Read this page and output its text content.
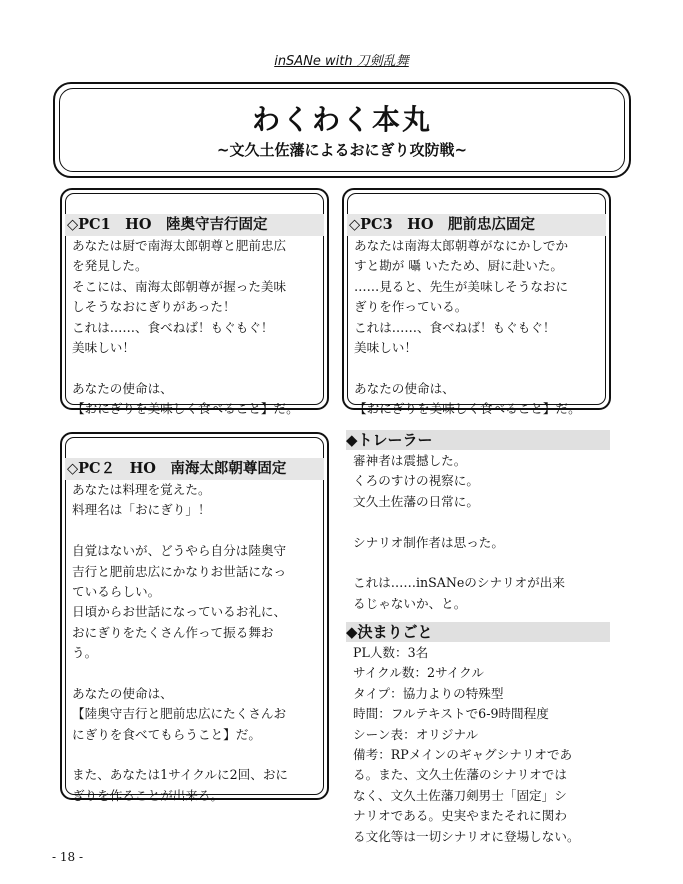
inSANe with 刀剣乱舞
わくわく本丸
~文久土佐藩によるおにぎり攻防戦~
◇PC1　HO　陸奥守吉行固定
あなたは厨で南海太郎朝尊と肥前忠広
を発見した。
そこには、南海太郎朝尊が握った美味
しそうなおにぎりがあった！
これは……、食べねば！もぐもぐ！
美味しい！
あなたの使命は、
【おにぎりを美味しく食べること】だ。
◇PC3　HO　肥前忠広固定
あなたは南海太郎朝尊がなにかしでか
すと勘が 囁 いたため、厨に赴いた。
……見ると、先生が美味しそうなおに
ぎりを作っている。
これは……、食べねば！もぐもぐ！
美味しい！
あなたの使命は、
【おにぎりを美味しく食べること】だ。
◇PC２　HO　南海太郎朝尊固定
あなたは料理を覚えた。
料理名は「おにぎり」！
自覚はないが、どうやら自分は陸奥守
吉行と肥前忠広にかなりお世話になっ
ているらしい。
日頃からお世話になっているお礼に、
おにぎりをたくさん作って振る舞お
う。
あなたの使命は、
【陸奥守吉行と肥前忠広にたくさんお
にぎりを食べてもらうこと】だ。
また、あなたは1サイクルに2回、おに
ぎりを作ることが出来る。
◆トレーラー
審神者は震撼した。
くろのすけの視察に。
文久土佐藩の日常に。
シナリオ制作者は思った。
これは……inSANeのシナリオが出来
るじゃないか、と。
◆決まりごと
PL人数：3名
サイクル数：2サイクル
タイプ：協力よりの特殊型
時間：フルテキストで6-9時間程度
シーン表：オリジナル
備考：RPメインのギャグシナリオであ
る。また、文久土佐藩のシナリオでは
なく、文久土佐藩刀剣男士「固定」シ
ナリオである。史実やまたそれに関わ
る文化等は一切シナリオに登場しない。
- 18 -
